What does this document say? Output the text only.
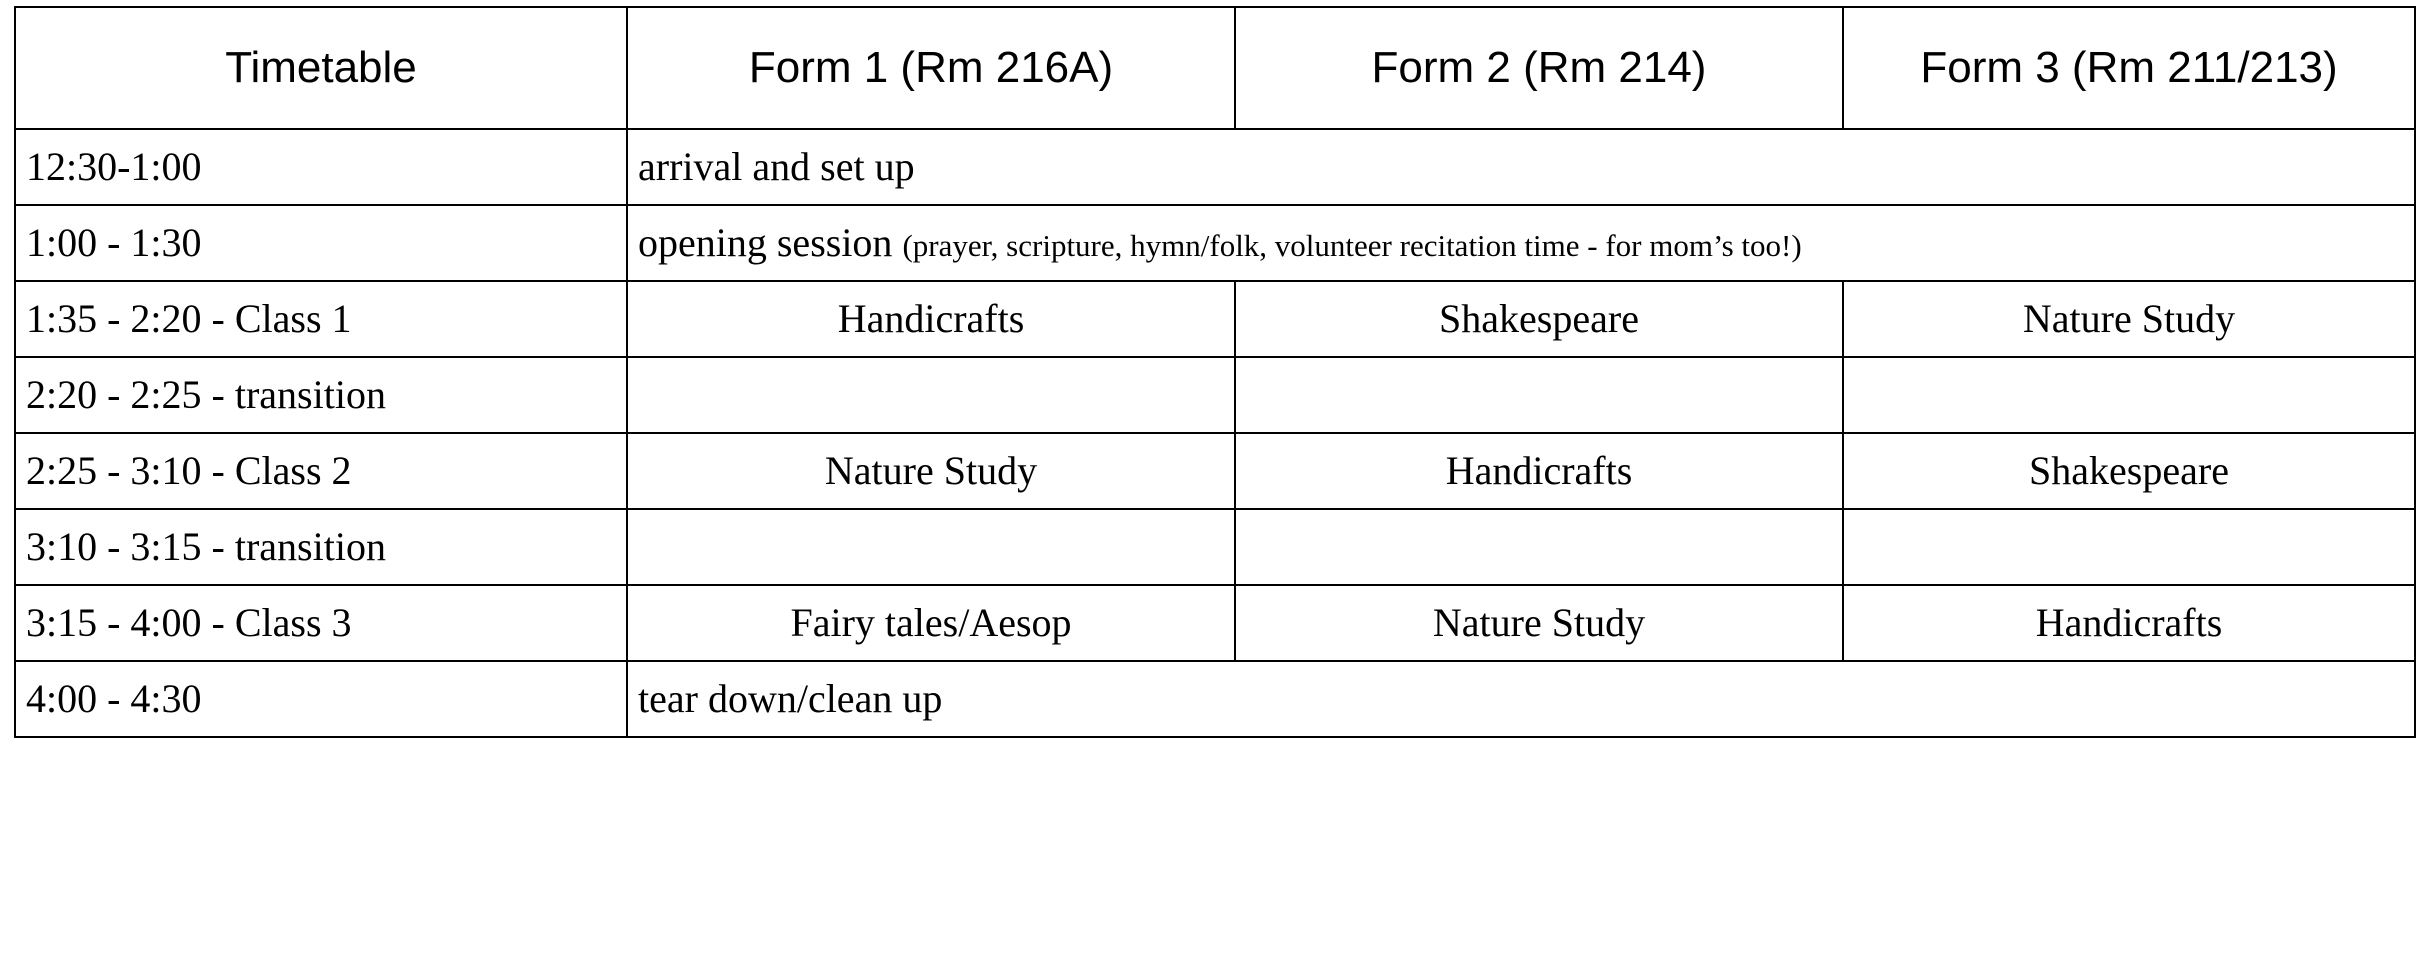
Timetable	Form 1 (Rm 216A)	Form 2 (Rm 214)	Form 3 (Rm 211/213)
12:30-1:00	arrival and set up		
1:00 - 1:30	opening session (prayer, scripture, hymn/folk, volunteer recitation time - for mom’s too!)		
1:35 - 2:20 - Class 1	Handicrafts	Shakespeare	Nature Study
2:20 - 2:25 - transition			
2:25 - 3:10 - Class 2	Nature Study	Handicrafts	Shakespeare
3:10 - 3:15 - transition			
3:15 - 4:00 - Class 3	Fairy tales/Aesop	Nature Study	Handicrafts
4:00 - 4:30	tear down/clean up		
